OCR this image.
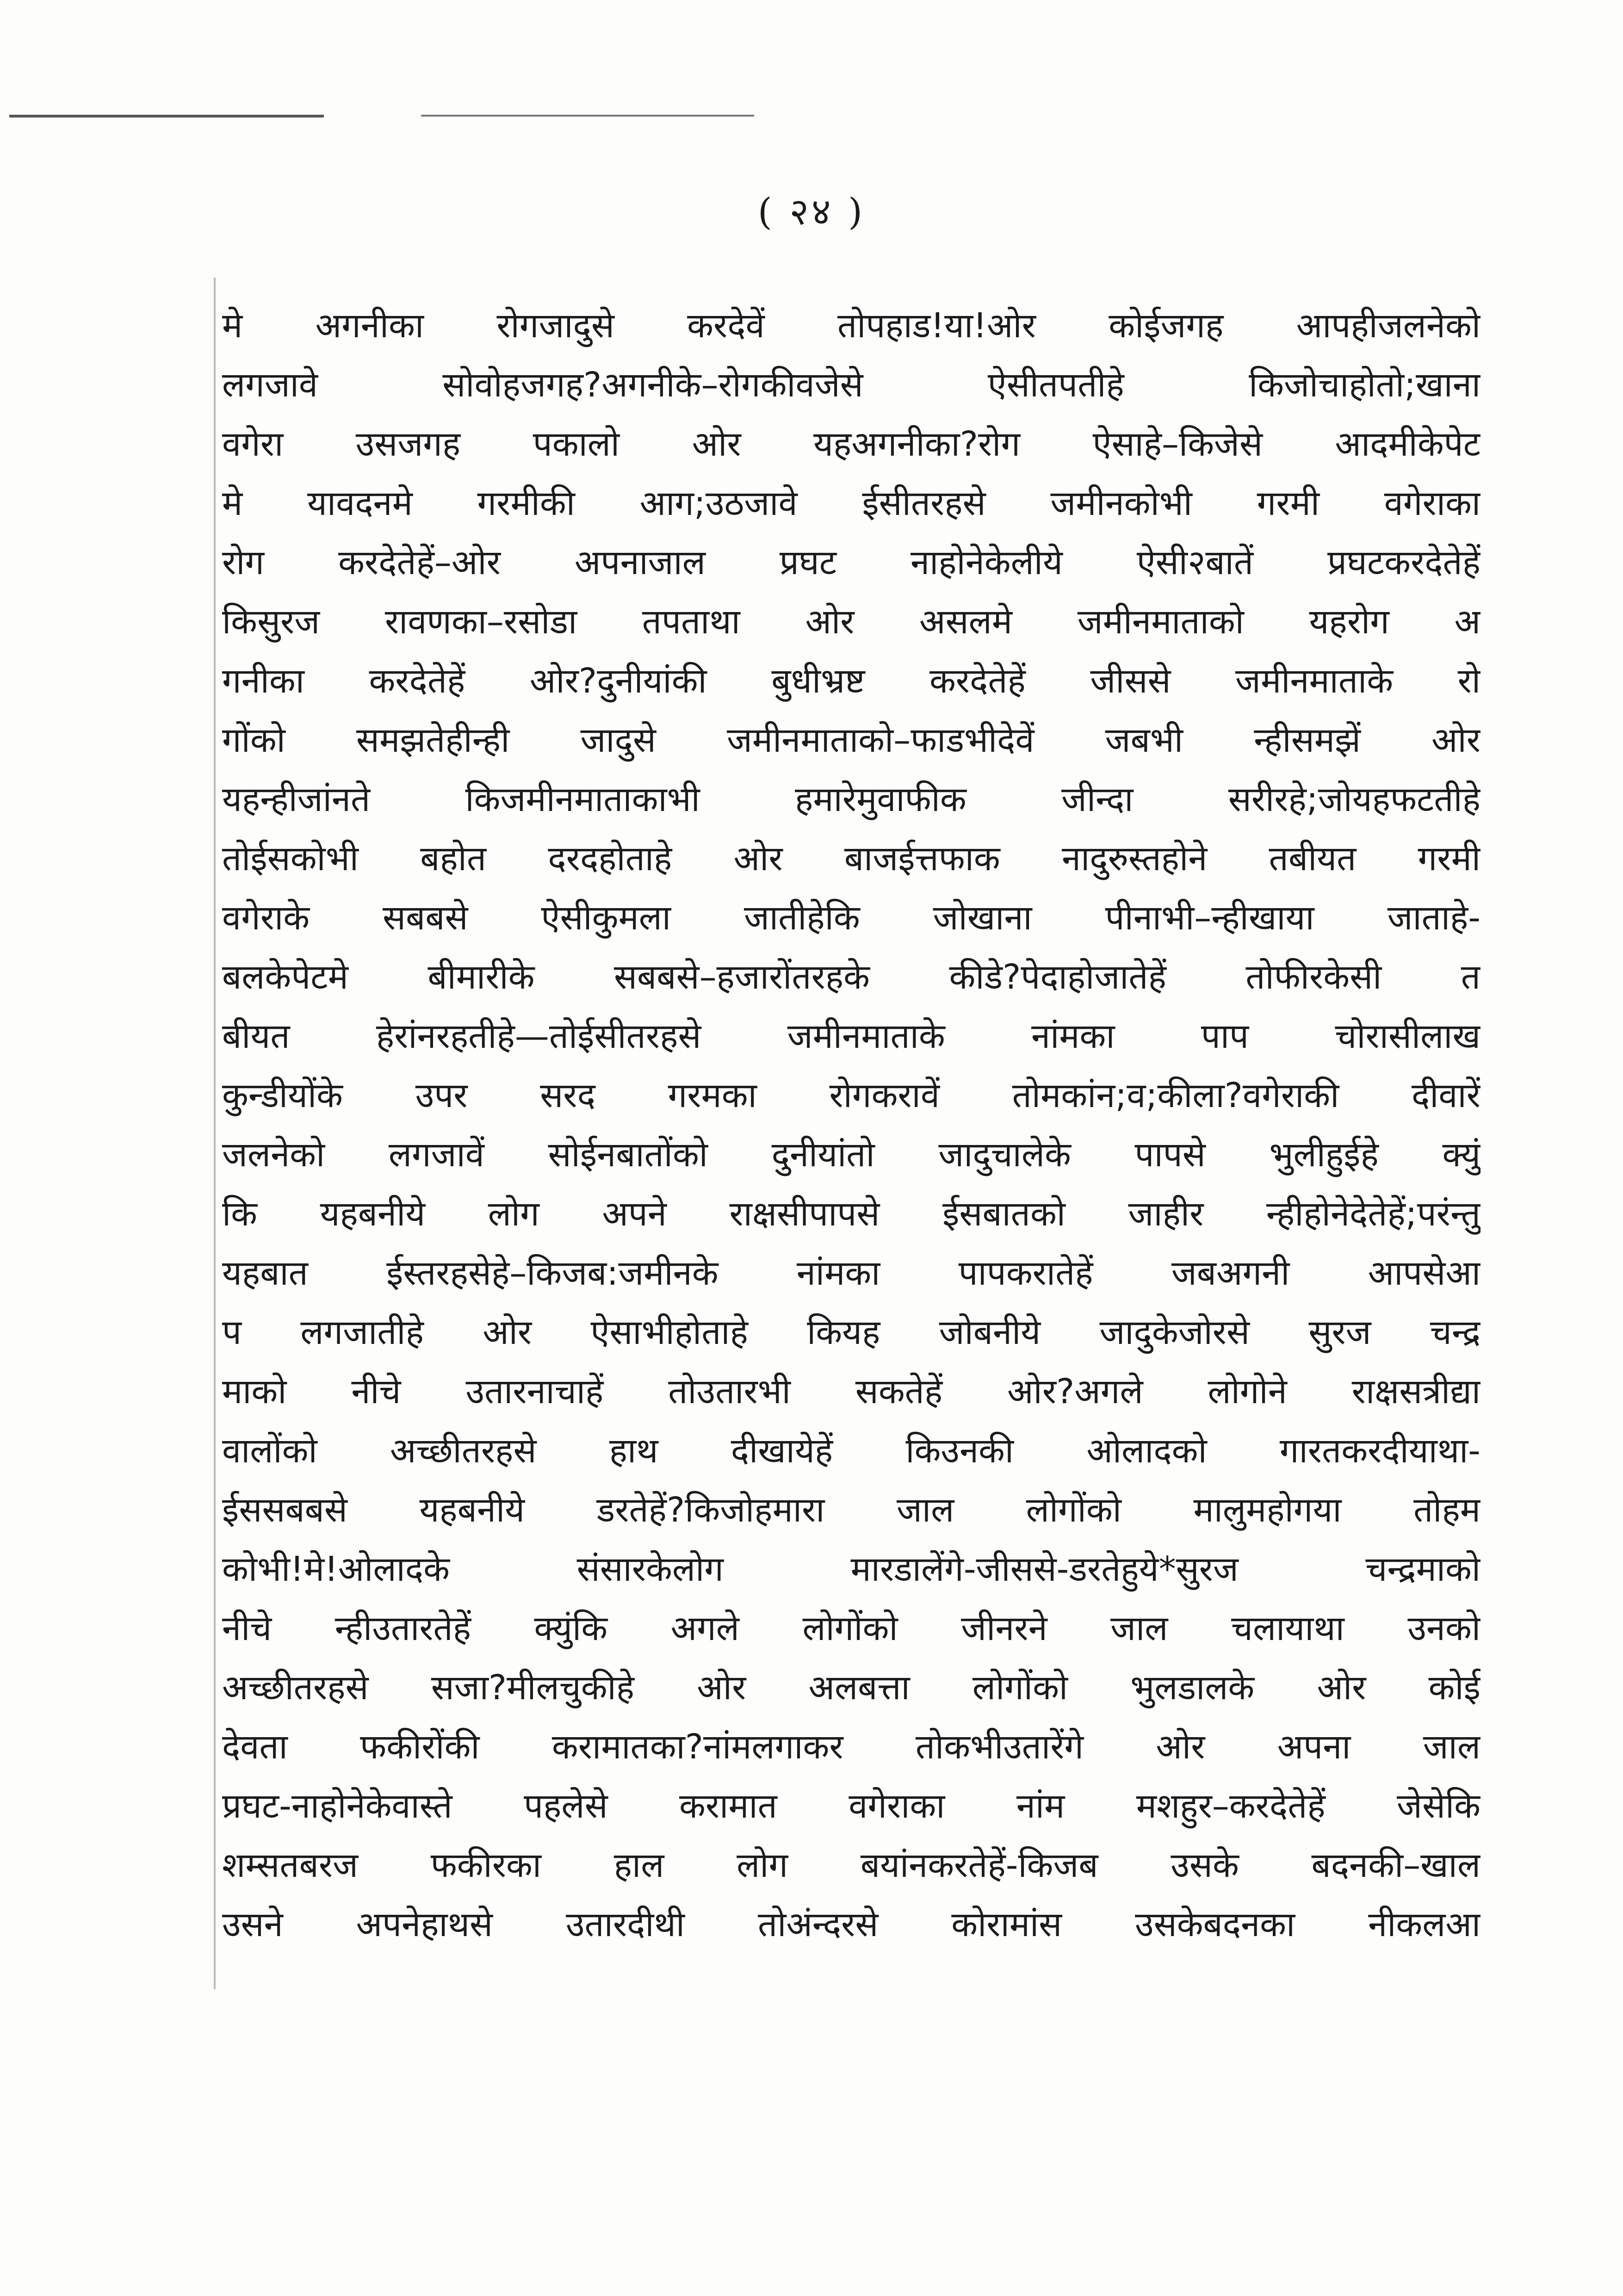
( २४ )
मे अगनीका रोगजादुसे करदेवें तोपहाड!या!ओर कोईजगह आपहीजलनेको
लगजावे सोवोहजगह?अगनीके–रोगकीवजेसे ऐसीतपतीहे किजोचाहोतो;खाना
वगेरा उसजगह पकालो ओर यहअगनीका?रोग ऐसाहे–किजेसे आदमीकेपेट
मे यावदनमे गरमीकी आग;उठजावे ईसीतरहसे जमीनकोभी गरमी वगेराका
रोग करदेतेहें–ओर अपनाजाल प्रघट नाहोनेकेलीये ऐसी२बातें प्रघटकरदेतेहें
किसुरज रावणका–रसोडा तपताथा ओर असलमे जमीनमाताको यहरोग अ
गनीका करदेतेहें ओर?दुनीयांकी बुधीभ्रष्ट करदेतेहें जीससे जमीनमाताके रो
गोंको समझतेहीन्ही जादुसे जमीनमाताको–फाडभीदेवें जबभी न्हीसमझें ओर
यहन्हीजांनते किजमीनमाताकाभी हमारेमुवाफीक जीन्दा सरीरहे;जोयहफटतीहे
तोईसकोभी बहोत दरदहोताहे ओर बाजईत्तफाक नादुरुस्तहोने तबीयत गरमी
वगेराके सबबसे ऐसीकुमला जातीहेकि जोखाना पीनाभी–न्हीखाया जाताहे-
बलकेपेटमे बीमारीके सबबसे–हजारोंतरहके कीडे?पेदाहोजातेहें तोफीरकेसी त
बीयत हेरांनरहतीहे—तोईसीतरहसे जमीनमाताके नांमका पाप चोरासीलाख
कुन्डीयोंके उपर सरद गरमका रोगकरावें तोमकांन;व;कीला?वगेराकी दीवारें
जलनेको लगजावें सोईनबातोंको दुनीयांतो जादुचालेके पापसे भुलीहुईहे क्युं
कि यहबनीये लोग अपने राक्षसीपापसे ईसबातको जाहीर न्हीहोनेदेतेहें;परंन्तु
यहबात ईस्तरहसेहे–किजब:जमीनके नांमका पापकरातेहें जबअगनी आपसेआ
प लगजातीहे ओर ऐसाभीहोताहे कियह जोबनीये जादुकेजोरसे सुरज चन्द्र
माको नीचे उतारनाचाहें तोउतारभी सकतेहें ओर?अगले लोगोने राक्षसत्रीद्या
वालोंको अच्छीतरहसे हाथ दीखायेहें किउनकी ओलादको गारतकरदीयाथा-
ईससबबसे यहबनीये डरतेहें?किजोहमारा जाल लोगोंको मालुमहोगया तोहम
कोभी!मे!ओलादके संसारकेलोग मारडालेंगे-जीससे-डरतेहुये*सुरज चन्द्रमाको
नीचे न्हीउतारतेहें क्युंकि अगले लोगोंको जीनरने जाल चलायाथा उनको
अच्छीतरहसे सजा?मीलचुकीहे ओर अलबत्ता लोगोंको भुलडालके ओर कोई
देवता फकीरोंकी करामातका?नांमलगाकर तोकभीउतारेंगे ओर अपना जाल
प्रघट-नाहोनेकेवास्ते पहलेसे करामात वगेराका नांम मशहुर–करदेतेहें जेसेकि
शम्सतबरज फकीरका हाल लोग बयांनकरतेहें-किजब उसके बदनकी–खाल
उसने अपनेहाथसे उतारदीथी तोअंन्दरसे कोरामांस उसकेबदनका नीकलआ
